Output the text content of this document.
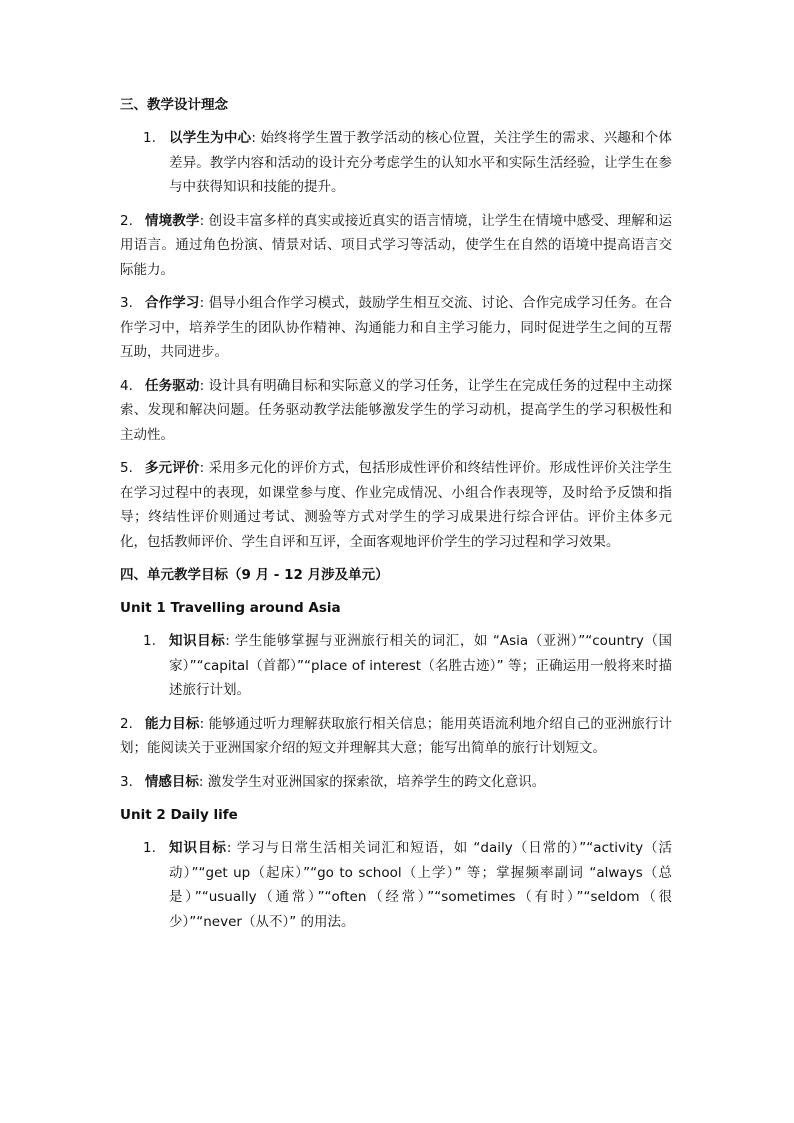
三、教学设计理念
1. 以学生为中心: 始终将学生置于教学活动的核心位置，关注学生的需求、兴趣和个体差异。教学内容和活动的设计充分考虑学生的认知水平和实际生活经验，让学生在参与中获得知识和技能的提升。
2. 情境教学: 创设丰富多样的真实或接近真实的语言情境，让学生在情境中感受、理解和运用语言。通过角色扮演、情景对话、项目式学习等活动，使学生在自然的语境中提高语言交际能力。
3. 合作学习: 倡导小组合作学习模式，鼓励学生相互交流、讨论、合作完成学习任务。在合作学习中，培养学生的团队协作精神、沟通能力和自主学习能力，同时促进学生之间的互帮互助，共同进步。
4. 任务驱动: 设计具有明确目标和实际意义的学习任务，让学生在完成任务的过程中主动探索、发现和解决问题。任务驱动教学法能够激发学生的学习动机，提高学生的学习积极性和主动性。
5. 多元评价: 采用多元化的评价方式，包括形成性评价和终结性评价。形成性评价关注学生在学习过程中的表现，如课堂参与度、作业完成情况、小组合作表现等，及时给予反馈和指导；终结性评价则通过考试、测验等方式对学生的学习成果进行综合评估。评价主体多元化，包括教师评价、学生自评和互评，全面客观地评价学生的学习过程和学习效果。
四、单元教学目标（9 月 - 12 月涉及单元）
Unit 1 Travelling around Asia
1. 知识目标: 学生能够掌握与亚洲旅行相关的词汇，如 “Asia（亚洲）”“country（国家）”“capital（首都）”“place of interest（名胜古迹）” 等；正确运用一般将来时描述旅行计划。
2. 能力目标: 能够通过听力理解获取旅行相关信息；能用英语流利地介绍自己的亚洲旅行计划；能阅读关于亚洲国家介绍的短文并理解其大意；能写出简单的旅行计划短文。
3. 情感目标: 激发学生对亚洲国家的探索欲，培养学生的跨文化意识。
Unit 2 Daily life
1. 知识目标: 学习与日常生活相关词汇和短语，如 “daily（日常的）”“activity（活动）”“get up（起床）”“go to school（上学）” 等；掌握频率副词 “always（总是）”“usually（通常）”“often（经常）”“sometimes（有时）”“seldom（很少）”“never（从不）” 的用法。
